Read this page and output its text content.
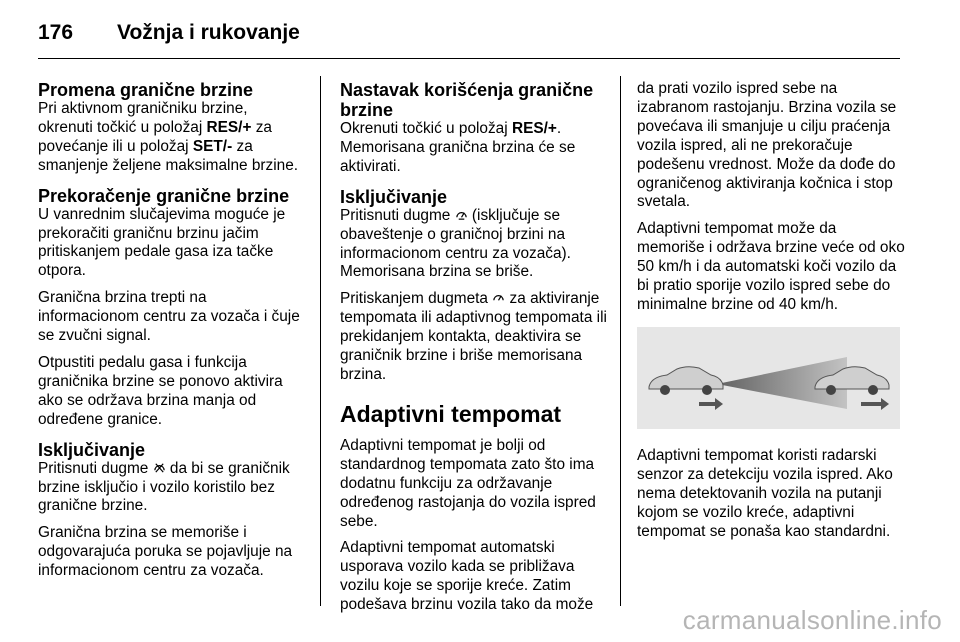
176 Vožnja i rukovanje
Promena granične brzine

Pri aktivnom graničniku brzine, okrenuti točkić u položaj RES/+ za povećanje ili u položaj SET/- za smanjenje željene maksimalne brzine.

Prekoračenje granične brzine

U vanrednim slučajevima moguće je prekoračiti graničnu brzinu jačim pritiskanjem pedale gasa iza tačke otpora.

Granična brzina trepti na informacionom centru za vozača i čuje se zvučni signal.

Otpustiti pedalu gasa i funkcija graničnika brzine se ponovo aktivira ako se održava brzina manja od određene granice.

Isključivanje

Pritisnuti dugme  da bi se graničnik brzine isključio i vozilo koristilo bez granične brzine.

Granična brzina se memoriše i odgovarajuća poruka se pojavljuje na informacionom centru za vozača.

Nastavak korišćenja granične brzine

Okrenuti točkić u položaj RES/+. Memorisana granična brzina će se aktivirati.

Isključivanje

Pritisnuti dugme  (isključuje se obaveštenje o graničnoj brzini na informacionom centru za vozača). Memorisana brzina se briše.

Pritiskanjem dugmeta  za aktiviranje tempomata ili adaptivnog tempomata ili prekidanjem kontakta, deaktivira se graničnik brzine i briše memorisana brzina.

Adaptivni tempomat

Adaptivni tempomat je bolji od standardnog tempomata zato što ima dodatnu funkciju za održavanje određenog rastojanja do vozila ispred sebe.

Adaptivni tempomat automatski usporava vozilo kada se približava vozilu koje se sporije kreće. Zatim podešava brzinu vozila tako da može

da prati vozilo ispred sebe na izabranom rastojanju. Brzina vozila se povećava ili smanjuje u cilju praćenja vozila ispred, ali ne prekoračuje podešenu vrednost. Može da dođe do ograničenog aktiviranja kočnica i stop svetala.

Adaptivni tempomat može da memoriše i održava brzine veće od oko 50 km/h i da automatski koči vozilo da bi pratio sporije vozilo ispred sebe do minimalne brzine od 40 km/h.

Adaptivni tempomat koristi radarski senzor za detekciju vozila ispred. Ako nema detektovanih vozila na putanji kojom se vozilo kreće, adaptivni tempomat se ponaša kao standardni.

carmanualsonline.info
